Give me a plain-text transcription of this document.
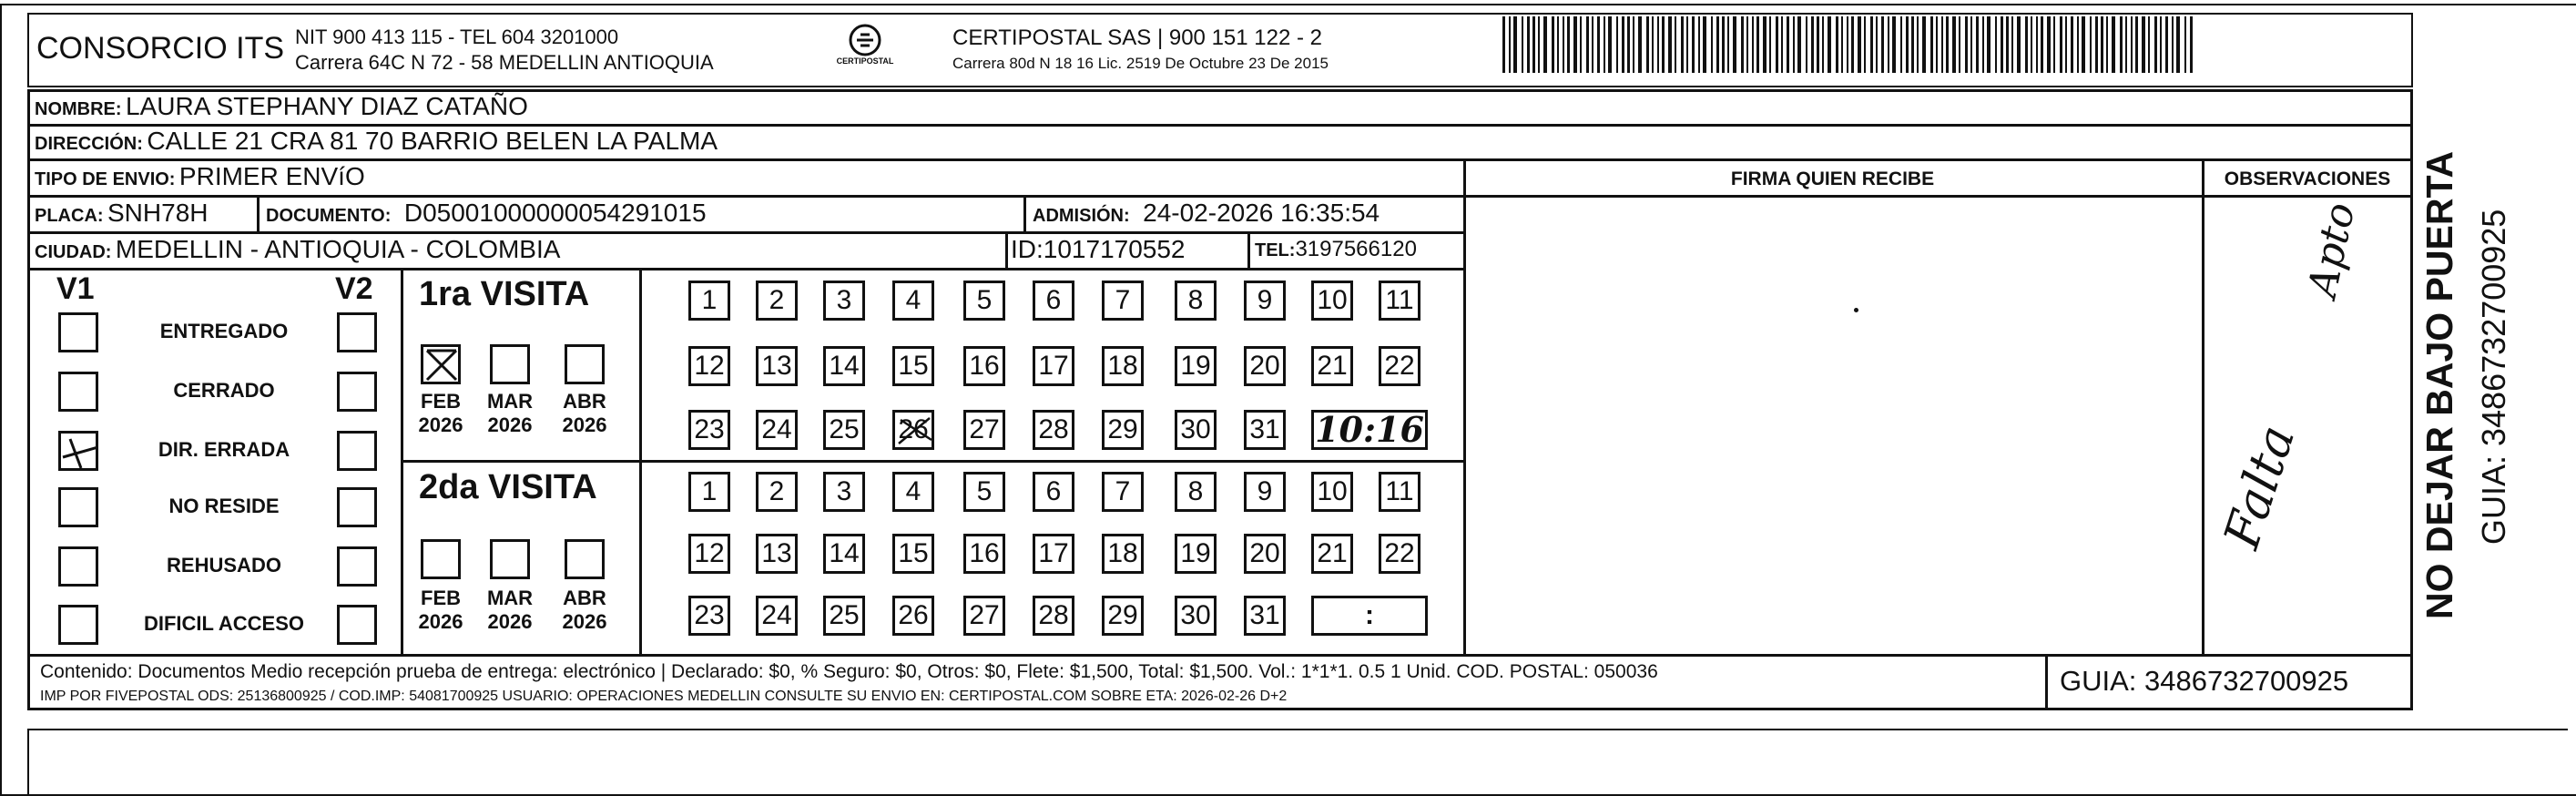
CONSORCIO ITS NIT 900 413 115 - TEL 604 3201000
Carrera 64C N 72 - 58 MEDELLIN ANTIOQUIA	CERTIPOSTAL
CERTIPOSTAL SAS | 900 151 122 - 2
Carrera 80d N 18 16 Lic. 2519 De Octubre 23 De 2015
NOMBRE: LAURA STEPHANY DIAZ CATAÑO
DIRECCIÓN: CALLE 21 CRA 81 70 BARRIO BELEN LA PALMA
TIPO DE ENVIO: PRIMER ENVíO	FIRMA QUIEN RECIBE	OBSERVACIONES
PLACA: SNH78H	DOCUMENTO: D05001000000054291015	ADMISIÓN: 24-02-2026 16:35:54
CIUDAD: MEDELLIN - ANTIOQUIA - COLOMBIA	ID:1017170552	TEL:3197566120
V1	V2
ENTREGADO
CERRADO
DIR. ERRADA
NO RESIDE
REHUSADO
DIFICIL ACCESO
1ra VISITA
2da VISITA
FEB
2026
MAR
2026
ABR
2026
FEB
2026
MAR
2026
ABR
2026
1	2	3	4	5	6	7	8	9	10 11
12 13 14 15 16 17 18 19 20 21 22
23 24 25 26 27 28 29 30 31 10:16
1	2	3	4	5	6	7	8	9	10 11
12 13 14 15 16 17 18 19 20 21 22
23 24 25 26 27 28 29 30 31	:
Apto
Falta	NO DEJAR BAJO PUERTA GUIA: 3486732700925
Contenido: Documentos Medio recepción prueba de entrega: electrónico | Declarado: $0, % Seguro: $0, Otros: $0, Flete: $1,500, Total: $1,500. Vol.: 1*1*1. 0.5 1 Unid. COD. POSTAL: 050036
IMP POR FIVEPOSTAL ODS: 25136800925 / COD.IMP: 54081700925 USUARIO: OPERACIONES MEDELLIN CONSULTE SU ENVIO EN: CERTIPOSTAL.COM SOBRE ETA: 2026-02-26 D+2	GUIA: 3486732700925
